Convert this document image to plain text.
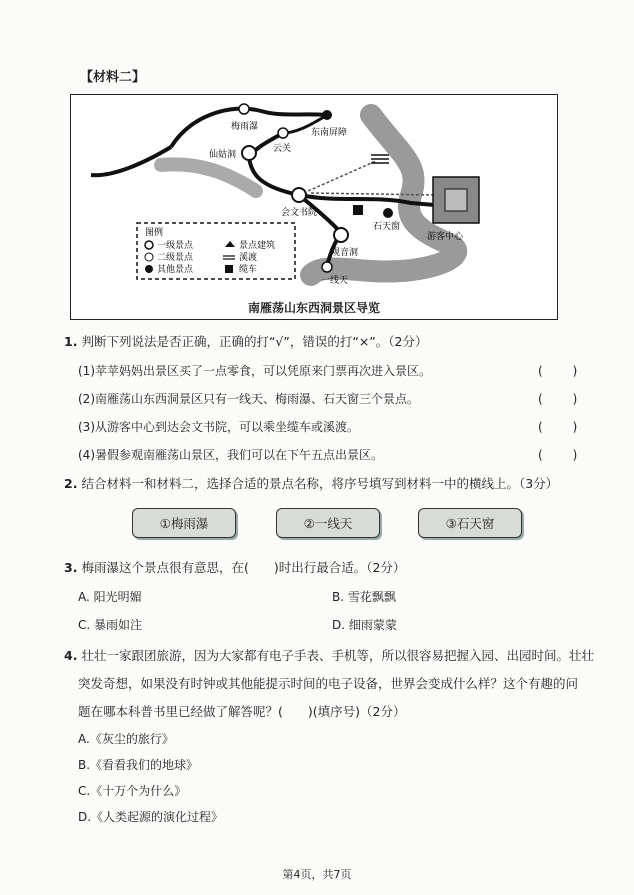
【材料二】
梅雨瀑
东南屏障
云关
仙姑洞
会文书院
石天窗
游客中心
观音洞
一线天
图例
一级景点
二级景点
其他景点
景点建筑
溪渡
缆车
南雁荡山东西洞景区导览
1. 判断下列说法是否正确，正确的打“√”，错误的打“×”。（2分）
(1)苹苹妈妈出景区买了一点零食，可以凭原来门票再次进入景区。	(　　)
(2)南雁荡山东西洞景区只有一线天、梅雨瀑、石天窗三个景点。	(　　)
(3)从游客中心到达会文书院，可以乘坐缆车或溪渡。	(　　)
(4)暑假参观南雁荡山景区，我们可以在下午五点出景区。	(　　)
2. 结合材料一和材料二，选择合适的景点名称，将序号填写到材料一中的横线上。（3分）
①梅雨瀑	②一线天	③石天窗
3. 梅雨瀑这个景点很有意思，在(　　)时出行最合适。（2分）
A. 阳光明媚	B. 雪花飘飘
C. 暴雨如注	D. 细雨蒙蒙
4. 壮壮一家跟团旅游，因为大家都有电子手表、手机等，所以很容易把握入园、出园时间。壮壮
突发奇想，如果没有时钟或其他能提示时间的电子设备，世界会变成什么样？这个有趣的问
题在哪本科普书里已经做了解答呢？(　　)(填序号)（2分）
A.《灰尘的旅行》
B.《看看我们的地球》
C.《十万个为什么》
D.《人类起源的演化过程》
第4页，共7页
